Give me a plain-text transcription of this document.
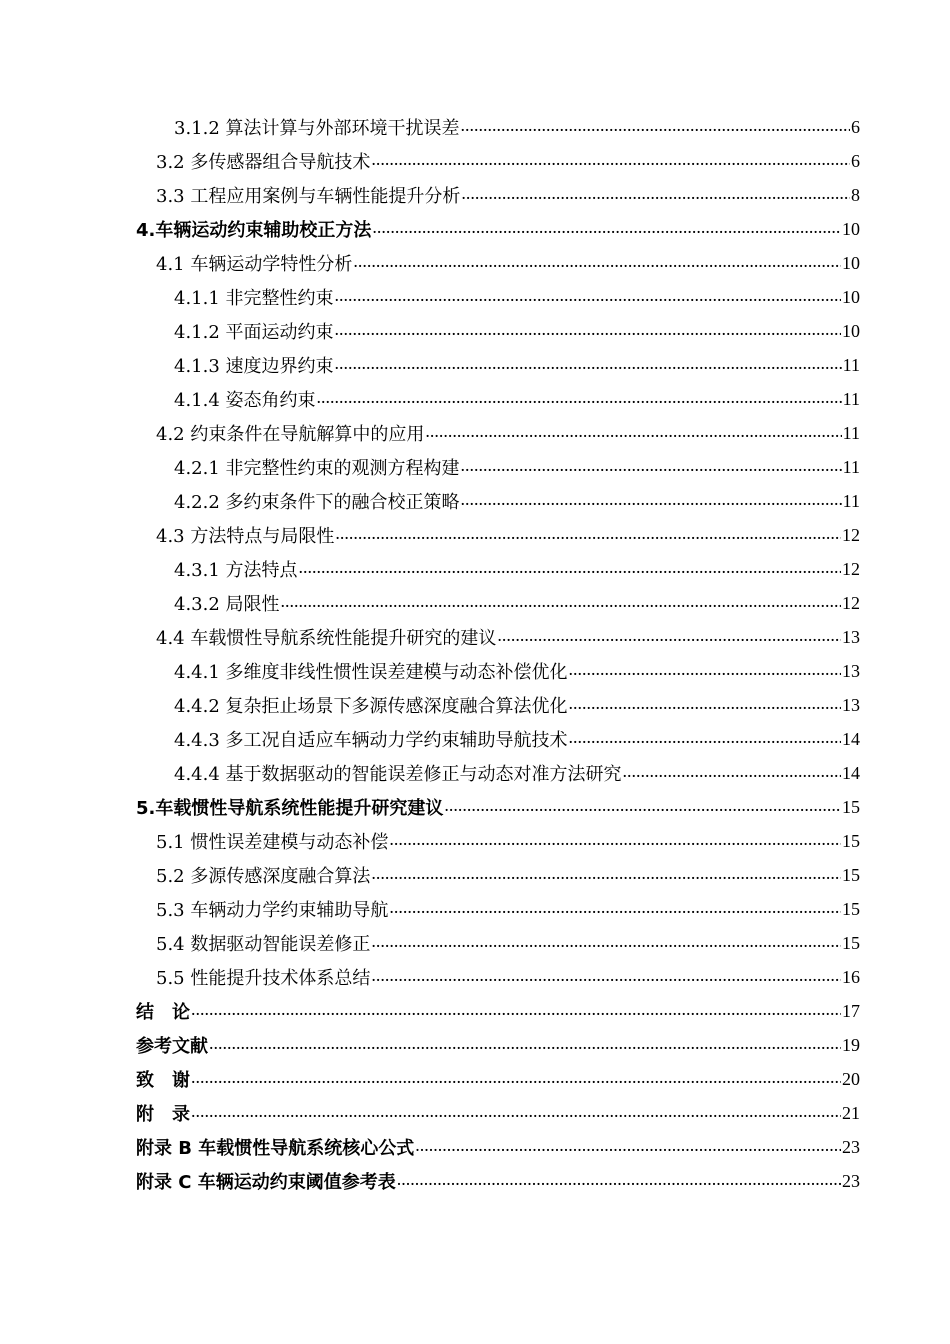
3.1.2 算法计算与外部环境干扰误差 .....	6
3.2 多传感器组合导航技术 .....	6
3.3 工程应用案例与车辆性能提升分析 .....	8
4.车辆运动约束辅助校正方法 .....	10
4.1 车辆运动学特性分析 .....	10
4.1.1 非完整性约束 .....	10
4.1.2 平面运动约束 .....	10
4.1.3 速度边界约束 .....	11
4.1.4 姿态角约束 .....	11
4.2 约束条件在导航解算中的应用 .....	11
4.2.1 非完整性约束的观测方程构建 .....	11
4.2.2 多约束条件下的融合校正策略 .....	11
4.3 方法特点与局限性 .....	12
4.3.1 方法特点 .....	12
4.3.2 局限性 .....	12
4.4 车载惯性导航系统性能提升研究的建议 .....	13
4.4.1 多维度非线性惯性误差建模与动态补偿优化 .....	13
4.4.2 复杂拒止场景下多源传感深度融合算法优化 .....	13
4.4.3 多工况自适应车辆动力学约束辅助导航技术 .....	14
4.4.4 基于数据驱动的智能误差修正与动态对准方法研究 .....	14
5.车载惯性导航系统性能提升研究建议 .....	15
5.1 惯性误差建模与动态补偿 .....	15
5.2 多源传感深度融合算法 .....	15
5.3 车辆动力学约束辅助导航 .....	15
5.4 数据驱动智能误差修正 .....	15
5.5 性能提升技术体系总结 .....	16
结　论 .....	17
参考文献 .....	19
致　谢 .....	20
附　录 .....	21
附录 B 车载惯性导航系统核心公式 .....	23
附录 C 车辆运动约束阈值参考表 .....	23
